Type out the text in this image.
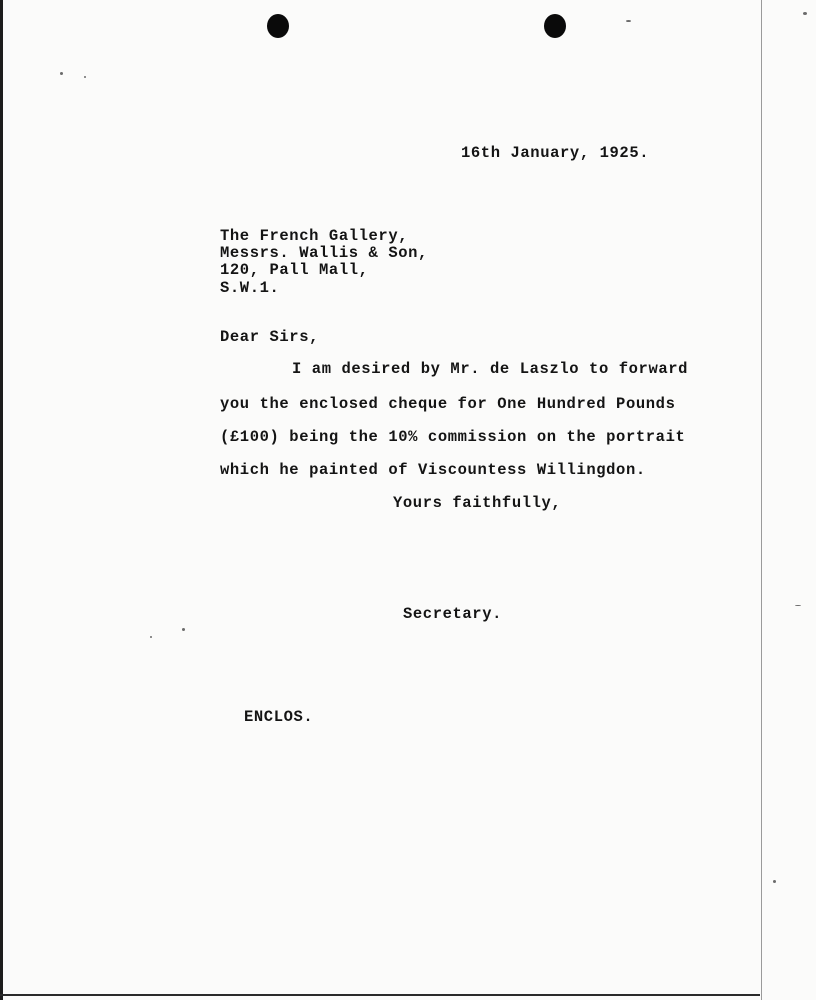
16th January, 1925.
The French Gallery,
Messrs. Wallis & Son,
120, Pall Mall,
S.W.1.
Dear Sirs,
I am desired by Mr. de Laszlo to forward
you the enclosed cheque for One Hundred Pounds
(£100) being the 10% commission on the portrait
which he painted of Viscountess Willingdon.
Yours faithfully,
Secretary.
ENCLOS.
